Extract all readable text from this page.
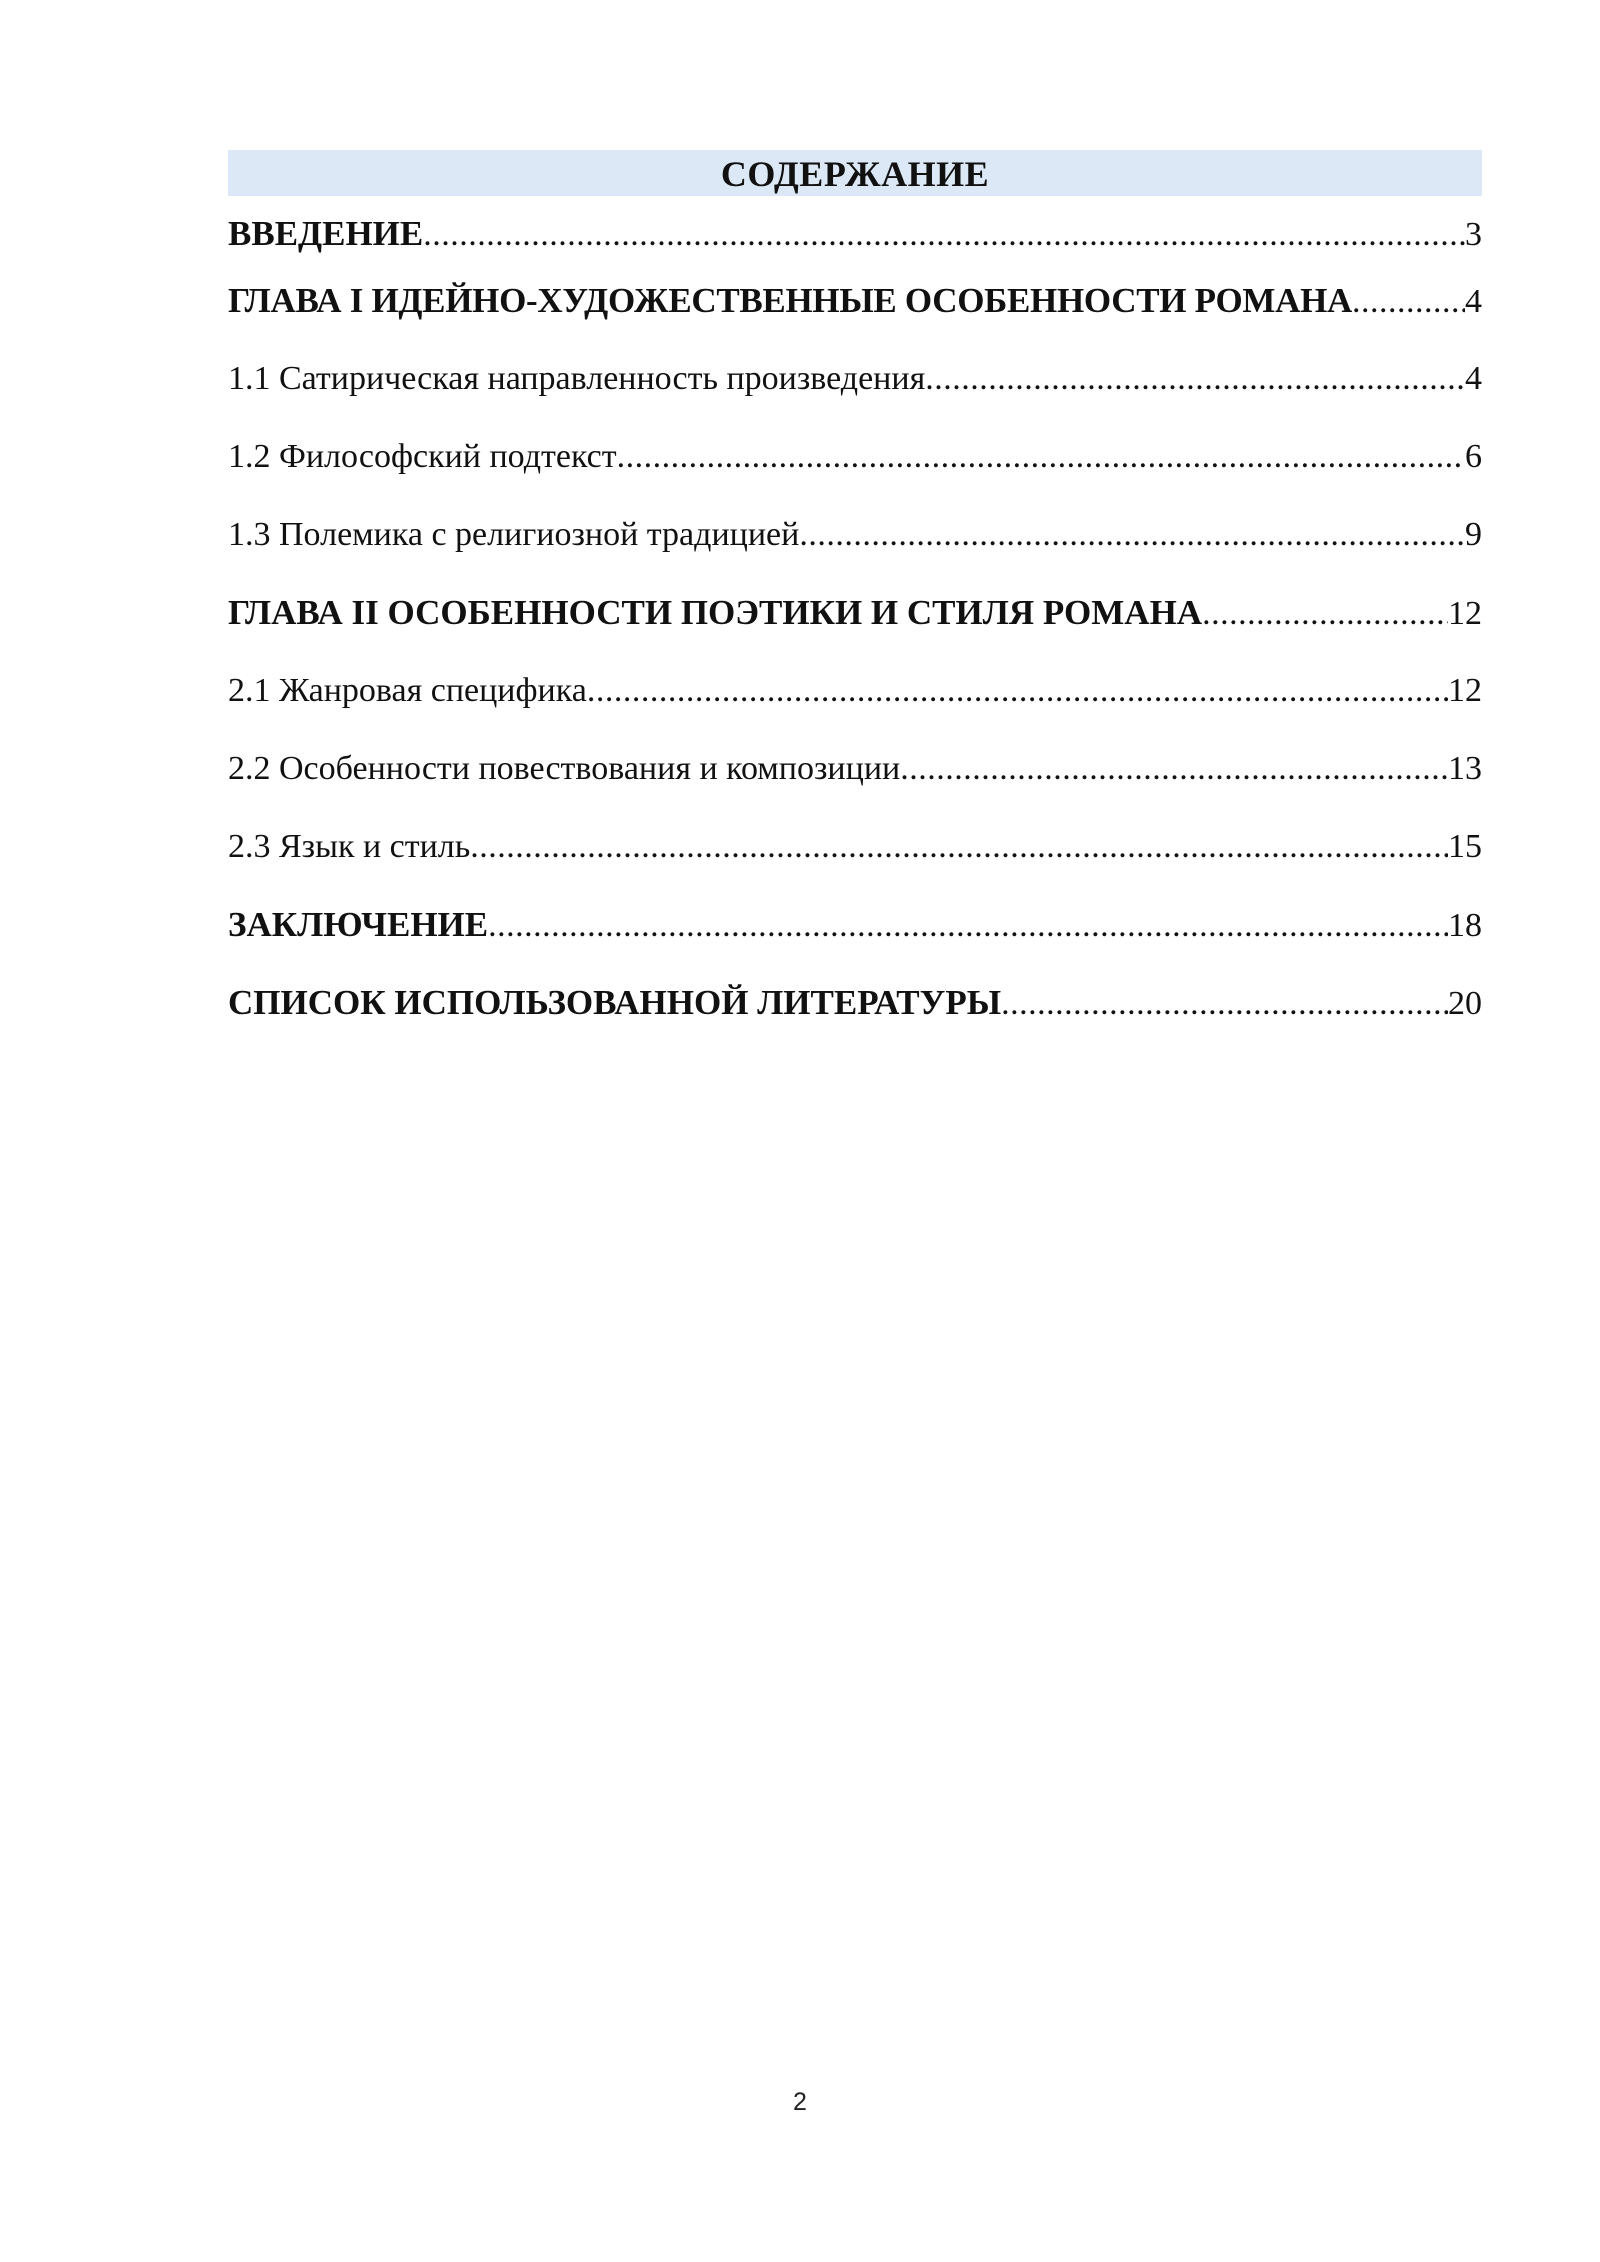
СОДЕРЖАНИЕ
ВВЕДЕНИЕ .....	3
ГЛАВА I ИДЕЙНО-ХУДОЖЕСТВЕННЫЕ ОСОБЕННОСТИ РОМАНА .....	4
1.1 Сатирическая направленность произведения .....	4
1.2 Философский подтекст .....	6
1.3 Полемика с религиозной традицией .....	9
ГЛАВА II ОСОБЕННОСТИ ПОЭТИКИ И СТИЛЯ РОМАНА .....	12
2.1 Жанровая специфика .....	12
2.2 Особенности повествования и композиции .....	13
2.3 Язык и стиль .....	15
ЗАКЛЮЧЕНИЕ .....	18
СПИСОК ИСПОЛЬЗОВАННОЙ ЛИТЕРАТУРЫ .....	20
2
